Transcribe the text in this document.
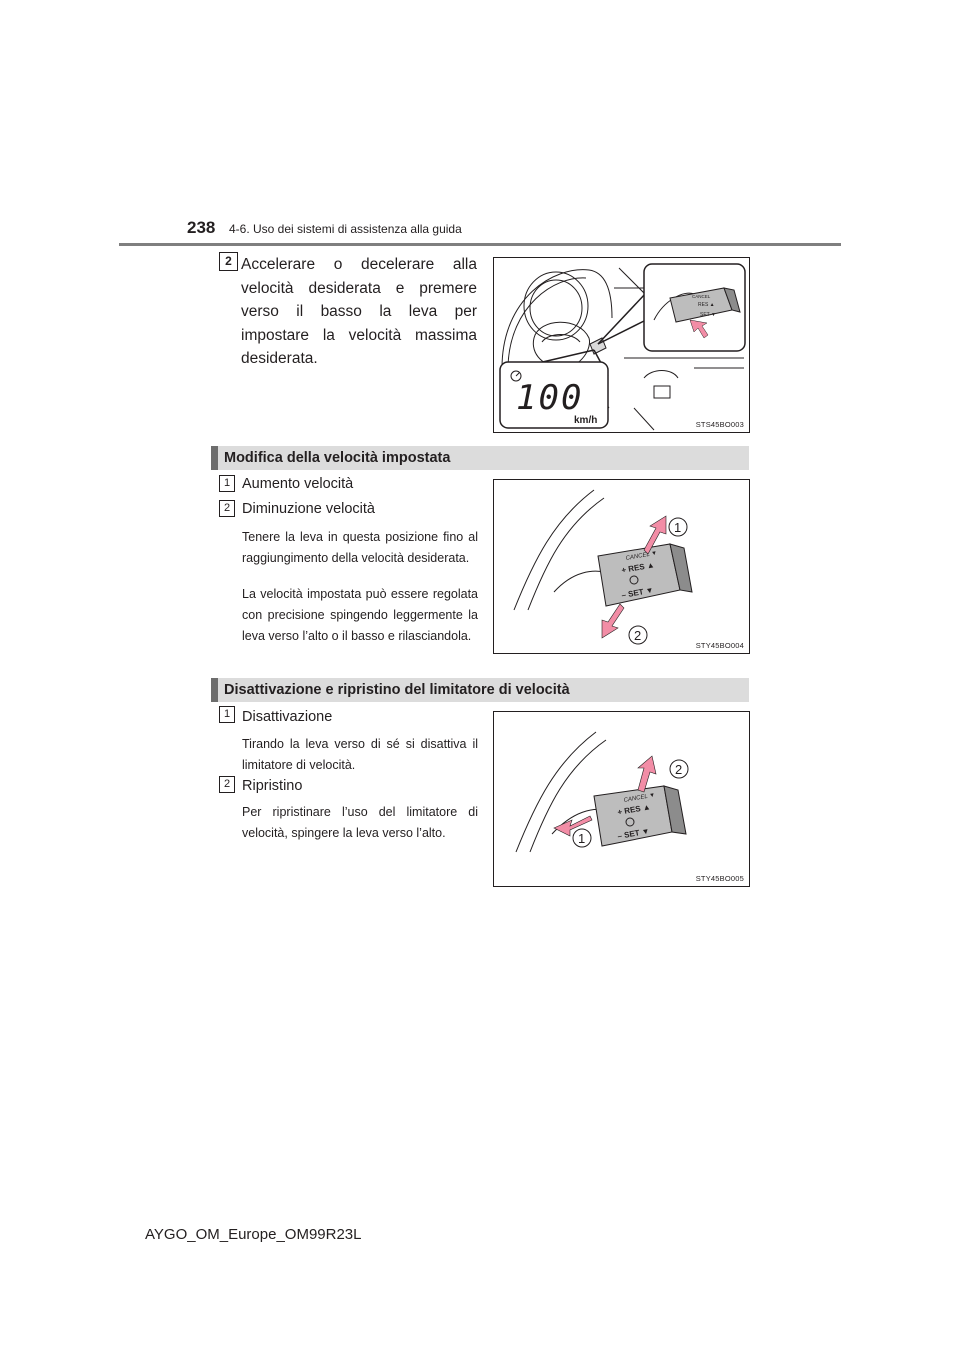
238 4-6. Uso dei sistemi di assistenza alla guida
2 Accelerare o decelerare alla velocità desiderata e premere verso il basso la leva per impostare la velocità massima desiderata.
CANCEL
RES ▲
SET ▼
100
km/h	STS45BO003
Modifica della velocità impostata
1 Aumento velocità
2 Diminuzione velocità
Tenere la leva in questa posizione fino al raggiungimento della velocità desiderata.
La velocità impostata può essere regolata con precisione spingendo leggermente la leva verso l’alto o il basso e rilasciandola.
CANCEL ▼
+ RES ▲
– SET ▼
1
2
STY45BO004
Disattivazione e ripristino del limitatore di velocità
1 Disattivazione
Tirando la leva verso di sé si disattiva il limitatore di velocità.
2 Ripristino
Per ripristinare l’uso del limitatore di velocità, spingere la leva verso l’alto.
CANCEL ▼
+ RES ▲
– SET ▼
2
1
STY45BO005
AYGO_OM_Europe_OM99R23L
